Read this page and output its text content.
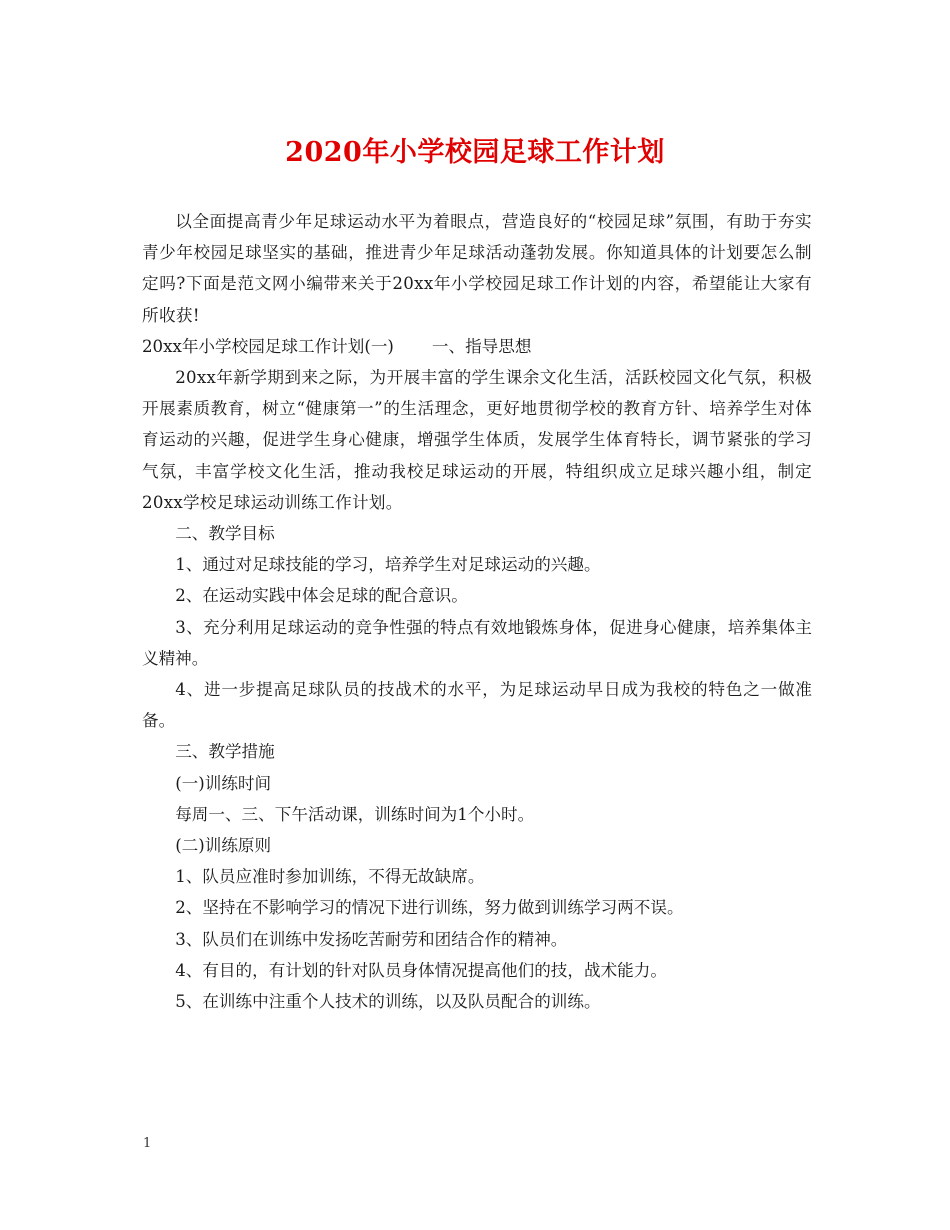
2020年小学校园足球工作计划

以全面提高青少年足球运动水平为着眼点，营造良好的“校园足球”氛围，有助于夯实青少年校园足球坚实的基础，推进青少年足球活动蓬勃发展。你知道具体的计划要怎么制定吗?下面是范文网小编带来关于20xx年小学校园足球工作计划的内容，希望能让大家有所收获!

20xx年小学校园足球工作计划(一) 一、指导思想

20xx年新学期到来之际，为开展丰富的学生课余文化生活，活跃校园文化气氛，积极开展素质教育，树立“健康第一”的生活理念，更好地贯彻学校的教育方针、培养学生对体育运动的兴趣，促进学生身心健康，增强学生体质，发展学生体育特长，调节紧张的学习气氛，丰富学校文化生活，推动我校足球运动的开展，特组织成立足球兴趣小组，制定20xx学校足球运动训练工作计划。

二、教学目标

1、通过对足球技能的学习，培养学生对足球运动的兴趣。

2、在运动实践中体会足球的配合意识。

3、充分利用足球运动的竞争性强的特点有效地锻炼身体，促进身心健康，培养集体主义精神。

4、进一步提高足球队员的技战术的水平，为足球运动早日成为我校的特色之一做准备。

三、教学措施

(一)训练时间

每周一、三、下午活动课，训练时间为1个小时。

(二)训练原则

1、队员应准时参加训练，不得无故缺席。

2、坚持在不影响学习的情况下进行训练，努力做到训练学习两不误。

3、队员们在训练中发扬吃苦耐劳和团结合作的精神。

4、有目的，有计划的针对队员身体情况提高他们的技，战术能力。

5、在训练中注重个人技术的训练，以及队员配合的训练。

1
